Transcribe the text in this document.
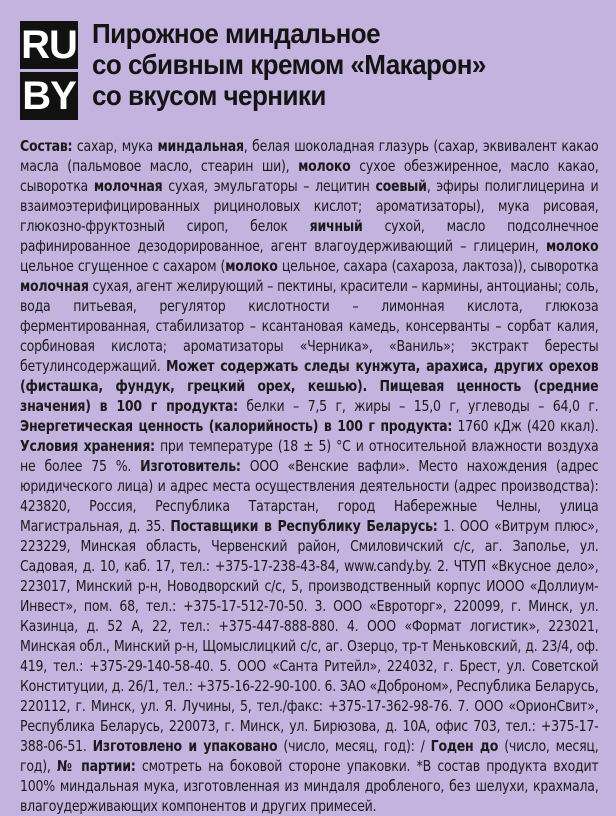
RU
BY
Пирожное миндальное
со сбивным кремом «Макарон»
со вкусом черники
Состав: сахар, мука миндальная, белая шоколадная глазурь (сахар, эквивалент какао масла (пальмовое масло, стеарин ши), молоко сухое обезжиренное, масло какао, сыворотка молочная сухая, эмульгаторы – лецитин соевый, эфиры полиглицерина и взаимоэтерифицированных рициноловых кислот; ароматизаторы), мука рисовая, глюкозно-фруктозный сироп, белок яичный сухой, масло подсолнечное рафинированное дезодорированное, агент влагоудерживающий – глицерин, молоко цельное сгущенное с сахаром (молоко цельное, сахара (сахароза, лактоза)), сыворотка молочная сухая, агент желирующий – пектины, красители – кармины, антоцианы; соль, вода питьевая, регулятор кислотности – лимонная кислота, глюкоза ферментированная, стабилизатор – ксантановая камедь, консерванты – сорбат калия, сорбиновая кислота; ароматизаторы «Черника», «Ваниль»; экстракт бересты бетулинсодержащий. Может содержать следы кунжута, арахиса, других орехов (фисташка, фундук, грецкий орех, кешью). Пищевая ценность (средние значения) в 100 г продукта: белки – 7,5 г, жиры – 15,0 г, углеводы – 64,0 г. Энергетическая ценность (калорийность) в 100 г продукта: 1760 кДж (420 ккал). Условия хранения: при температуре (18 ± 5) °С и относительной влажности воздуха не более 75 %. Изготовитель: ООО «Венские вафли». Место нахождения (адрес юридического лица) и адрес места осуществления деятельности (адрес производства): 423820, Россия, Республика Татарстан, город Набережные Челны, улица Магистральная, д. 35. Поставщики в Республику Беларусь: 1. ООО «Витрум плюс», 223229, Минская область, Червенский район, Смиловичский с/с, аг. Заполье, ул. Садовая, д. 10, каб. 17, тел.: +375-17-238-43-84, www.candy.by. 2. ЧТУП «Вкусное дело», 223017, Минский р-н, Новодворский с/с, 5, производственный корпус ИООО «Доллиум-Инвест», пом. 68, тел.: +375-17-512-70-50. 3. ООО «Евроторг», 220099, г. Минск, ул. Казинца, д. 52 А, 22, тел.: +375-447-888-880. 4. ООО «Формат логистик», 223021, Минская обл., Минский р-н, Щомыслицкий с/с, аг. Озерцо, тр-т Меньковский, д. 23/4, оф. 419, тел.: +375-29-140-58-40. 5. ООО «Санта Ритейл», 224032, г. Брест, ул. Советской Конституции, д. 26/1, тел.: +375-16-22-90-100. 6. ЗАО «Доброном», Республика Беларусь, 220112, г. Минск, ул. Я. Лучины, 5, тел./факс: +375-17-362-98-76. 7. ООО «ОрионСвит», Республика Беларусь, 220073, г. Минск, ул. Бирюзова, д. 10А, офис 703, тел.: +375-17-388-06-51. Изготовлено и упаковано (число, месяц, год): / Годен до (число, месяц, год), № партии: смотреть на боковой стороне упаковки. *В состав продукта входит 100% миндальная мука, изготовленная из миндаля дробленого, без шелухи, крахмала, влагоудерживающих компонентов и других примесей.
